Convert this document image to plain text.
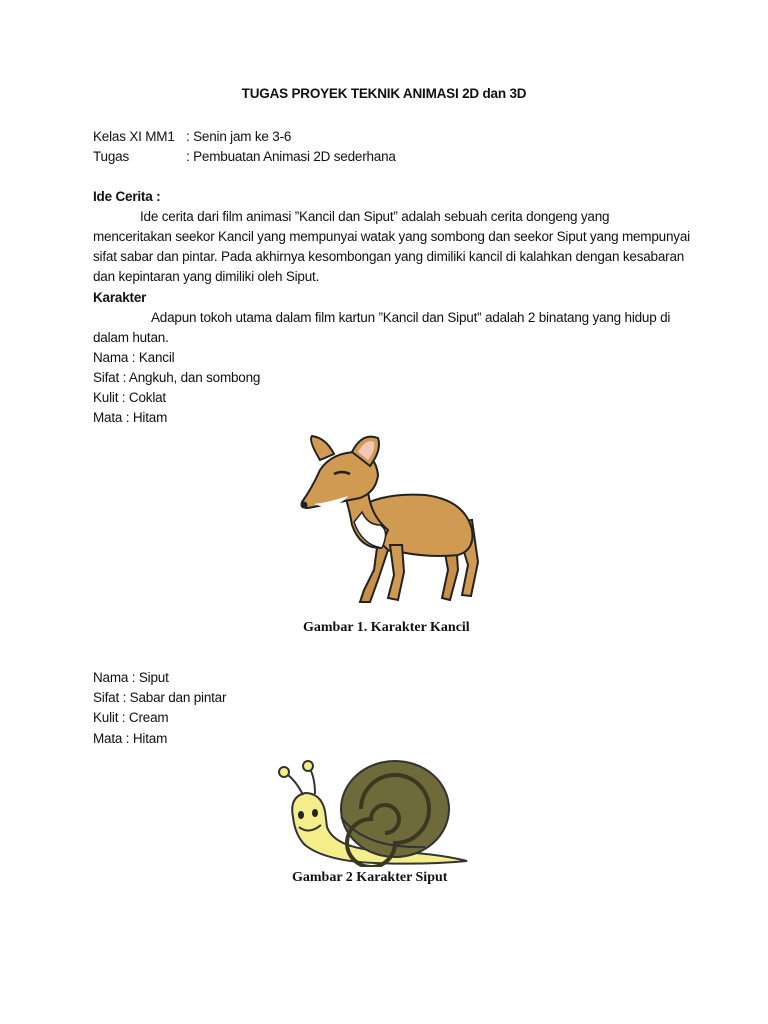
TUGAS PROYEK TEKNIK ANIMASI 2D dan 3D
Kelas XI MM1 : Senin jam ke 3-6
Tugas	: Pembuatan Animasi 2D sederhana
Ide Cerita :
Ide cerita dari film animasi ”Kancil dan Siput” adalah sebuah cerita dongeng yang
menceritakan seekor Kancil yang mempunyai watak yang sombong dan seekor Siput yang mempunyai
sifat sabar dan pintar. Pada akhirnya kesombongan yang dimiliki kancil di kalahkan dengan kesabaran
dan kepintaran yang dimiliki oleh Siput.
Karakter
Adapun tokoh utama dalam film kartun ”Kancil dan Siput” adalah 2 binatang yang hidup di
dalam hutan.
Nama : Kancil
Sifat : Angkuh, dan sombong
Kulit : Coklat
Mata : Hitam
Gambar 1. Karakter Kancil
Nama : Siput
Sifat : Sabar dan pintar
Kulit : Cream
Mata : Hitam
Gambar 2 Karakter Siput
